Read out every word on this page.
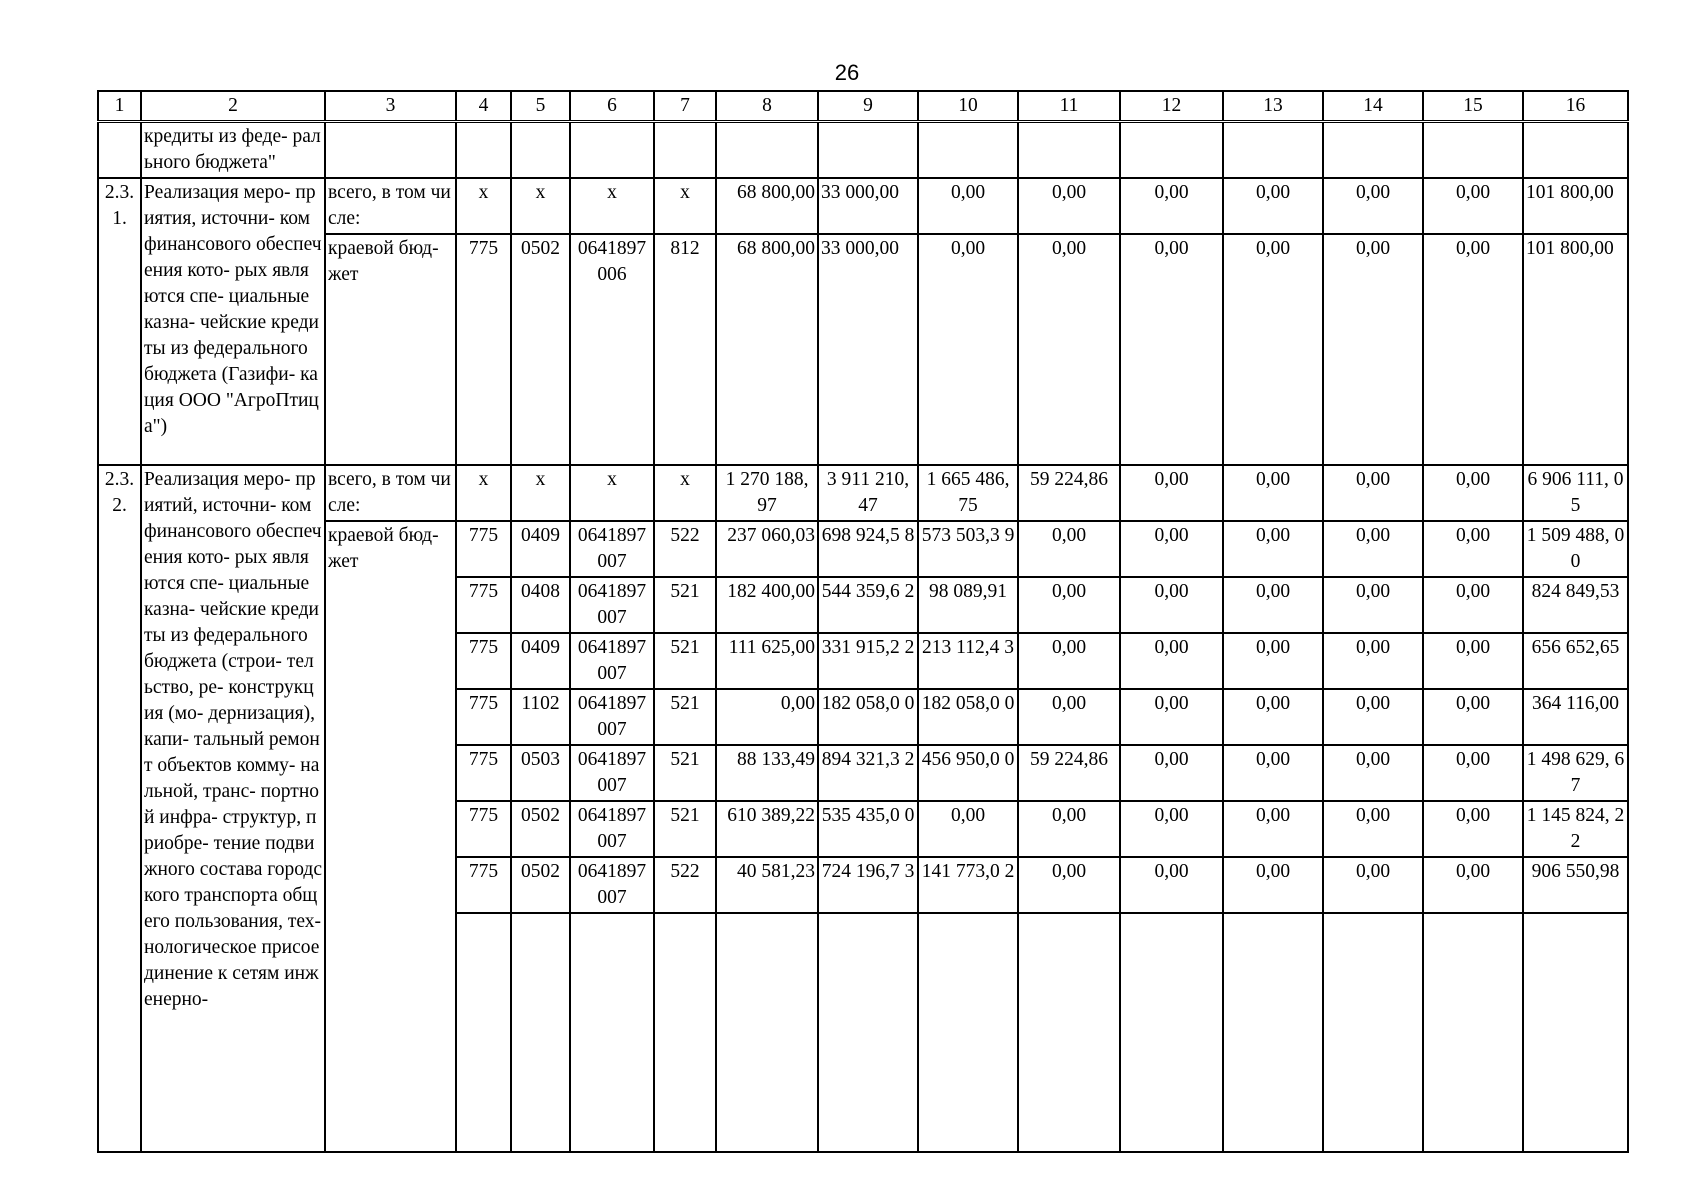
26
1	2	3	4	5	6	7	8	9	10	11	12	13	14	15	16
	кредиты из феде- рального бюджета"														
2.3. 1.	Реализация меро- приятия, источни- ком финансового обеспечения кото- рых являются спе- циальные казна- чейские кредиты из федерального бюджета (Газифи- кация ООО "АгроПтица")	всего, в том числе:	x	x	x	x	68 800,00	33 000,00	0,00	0,00	0,00	0,00	0,00	0,00	101 800,00
		краевой бюд- жет	775	0502	0641897 006	812	68 800,00	33 000,00	0,00	0,00	0,00	0,00	0,00	0,00	101 800,00
2.3. 2.	Реализация меро- приятий, источни- ком финансового обеспечения кото- рых являются спе- циальные казна- чейские кредиты из федерального бюджета (строи- тельство, ре- конструкция (мо- дернизация), капи- тальный ремонт объектов комму- нальной, транс- портной инфра- структур, приобре- тение подвижного состава городского транспорта общего пользования, тех- нологическое присоединение к сетям инженерно-	всего, в том числе:	x	x	x	x	1 270 188, 97	3 911 210, 47	1 665 486, 75	59 224,86	0,00	0,00	0,00	0,00	6 906 111, 05
		краевой бюд- жет	775	0409	0641897 007	522	237 060,03	698 924,5 8	573 503,3 9	0,00	0,00	0,00	0,00	0,00	1 509 488, 00
			775	0408	0641897 007	521	182 400,00	544 359,6 2	98 089,91	0,00	0,00	0,00	0,00	0,00	824 849,53
			775	0409	0641897 007	521	111 625,00	331 915,2 2	213 112,4 3	0,00	0,00	0,00	0,00	0,00	656 652,65
			775	1102	0641897 007	521	0,00	182 058,0 0	182 058,0 0	0,00	0,00	0,00	0,00	0,00	364 116,00
			775	0503	0641897 007	521	88 133,49	894 321,3 2	456 950,0 0	59 224,86	0,00	0,00	0,00	0,00	1 498 629, 67
			775	0502	0641897 007	521	610 389,22	535 435,0 0	0,00	0,00	0,00	0,00	0,00	0,00	1 145 824, 22
			775	0502	0641897 007	522	40 581,23	724 196,7 3	141 773,0 2	0,00	0,00	0,00	0,00	0,00	906 550,98
